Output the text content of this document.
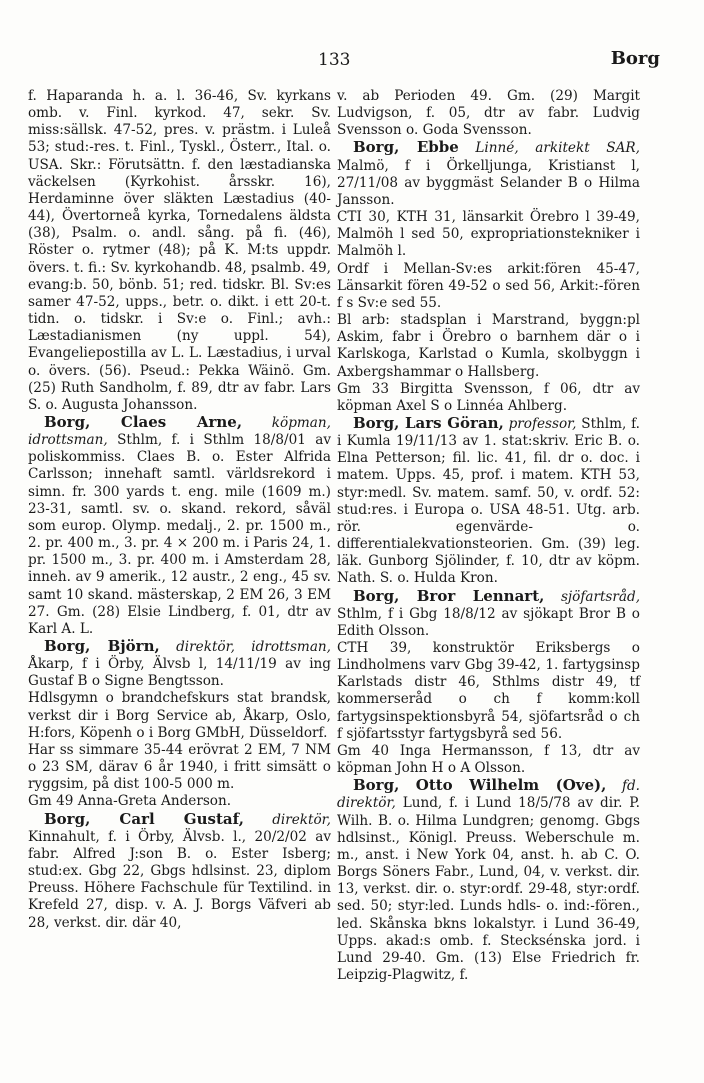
133	Borg

f. Haparanda h. a. l. 36-46, Sv. kyrkans omb. v. Finl. kyrkod. 47, sekr. Sv. miss:sällsk. 47-52, pres. v. prästm. i Luleå 53; stud:-res. t. Finl., Tyskl., Österr., Ital. o. USA. Skr.: Förutsättn. f. den læstadianska väckelsen (Kyrkohist. årsskr. 16), Herdaminne över släkten Læstadius (40-44), Övertorneå kyrka, Tornedalens äldsta (38), Psalm. o. andl. sång. på fi. (46), Röster o. rytmer (48); på K. M:ts uppdr. övers. t. fi.: Sv. kyrkohandb. 48, psalmb. 49, evang:b. 50, bönb. 51; red. tidskr. Bl. Sv:es samer 47-52, upps., betr. o. dikt. i ett 20-t. tidn. o. tidskr. i Sv:e o. Finl.; avh.: Læstadianismen (ny uppl. 54), Evangeliepostilla av L. L. Læstadius, i urval o. övers. (56). Pseud.: Pekka Wäinö. Gm. (25) Ruth Sandholm, f. 89, dtr av fabr. Lars S. o. Augusta Johansson.

Borg, Claes Arne, köpman, idrottsman, Sthlm, f. i Sthlm 18/8/01 av poliskommiss. Claes B. o. Ester Alfrida Carlsson; innehaft samtl. världsrekord i simn. fr. 300 yards t. eng. mile (1609 m.) 23-31, samtl. sv. o. skand. rekord, såväl som europ. Olymp. medalj., 2. pr. 1500 m., 2. pr. 400 m., 3. pr. 4 × 200 m. i Paris 24, 1. pr. 1500 m., 3. pr. 400 m. i Amsterdam 28, inneh. av 9 amerik., 12 austr., 2 eng., 45 sv. samt 10 skand. mästerskap, 2 EM 26, 3 EM 27. Gm. (28) Elsie Lindberg, f. 01, dtr av Karl A. L.

Borg, Björn, direktör, idrottsman, Åkarp, f i Örby, Älvsb l, 14/11/19 av ing Gustaf B o Signe Bengtsson.

Hdlsgymn o brandchefskurs stat brandsk, verkst dir i Borg Service ab, Åkarp, Oslo, H:fors, Köpenh o i Borg GMbH, Düsseldorf.

Har ss simmare 35-44 erövrat 2 EM, 7 NM o 23 SM, därav 6 år 1940, i fritt simsätt o ryggsim, på dist 100-5 000 m.

Gm 49 Anna-Greta Anderson.

Borg, Carl Gustaf, direktör, Kinnahult, f. i Örby, Älvsb. l., 20/2/02 av fabr. Alfred J:son B. o. Ester Isberg; stud:ex. Gbg 22, Gbgs hdlsinst. 23, diplom Preuss. Höhere Fachschule für Textilind. in Krefeld 27, disp. v. A. J. Borgs Väfveri ab 28, verkst. dir. där 40,

v. ab Perioden 49. Gm. (29) Margit Ludvigson, f. 05, dtr av fabr. Ludvig Svensson o. Goda Svensson.

Borg, Ebbe Linné, arkitekt SAR, Malmö, f i Örkelljunga, Kristianst l, 27/11/08 av byggmäst Selander B o Hilma Jansson.

CTI 30, KTH 31, länsarkit Örebro l 39-49, Malmöh l sed 50, expropriationstekniker i Malmöh l.

Ordf i Mellan-Sv:es arkit:fören 45-47, Länsarkit fören 49-52 o sed 56, Arkit:-fören f s Sv:e sed 55.

Bl arb: stadsplan i Marstrand, byggn:pl Askim, fabr i Örebro o barnhem där o i Karlskoga, Karlstad o Kumla, skolbyggn i Axbergshammar o Hallsberg.

Gm 33 Birgitta Svensson, f 06, dtr av köpman Axel S o Linnéa Ahlberg.

Borg, Lars Göran, professor, Sthlm, f. i Kumla 19/11/13 av 1. stat:skriv. Eric B. o. Elna Petterson; fil. lic. 41, fil. dr o. doc. i matem. Upps. 45, prof. i matem. KTH 53, styr:medl. Sv. matem. samf. 50, v. ordf. 52: stud:res. i Europa o. USA 48-51. Utg. arb. rör. egenvärde- o. differentialekvationsteorien. Gm. (39) leg. läk. Gunborg Sjölinder, f. 10, dtr av köpm. Nath. S. o. Hulda Kron.

Borg, Bror Lennart, sjöfartsråd, Sthlm, f i Gbg 18/8/12 av sjökapt Bror B o Edith Olsson.

CTH 39, konstruktör Eriksbergs o Lindholmens varv Gbg 39-42, 1. fartygsinsp Karlstads distr 46, Sthlms distr 49, tf kommerseråd o ch f komm:koll fartygsinspektionsbyrå 54, sjöfartsråd o ch f sjöfartsstyr fartygsbyrå sed 56.

Gm 40 Inga Hermansson, f 13, dtr av köpman John H o A Olsson.

Borg, Otto Wilhelm (Ove), fd. direktör, Lund, f. i Lund 18/5/78 av dir. P. Wilh. B. o. Hilma Lundgren; genomg. Gbgs hdlsinst., Königl. Preuss. Weberschule m. m., anst. i New York 04, anst. h. ab C. O. Borgs Söners Fabr., Lund, 04, v. verkst. dir. 13, verkst. dir. o. styr:ordf. 29-48, styr:ordf. sed. 50; styr:led. Lunds hdls- o. ind:-fören., led. Skånska bkns lokalstyr. i Lund 36-49, Upps. akad:s omb. f. Stecksénska jord. i Lund 29-40. Gm. (13) Else Friedrich fr. Leipzig-Plagwitz, f.
